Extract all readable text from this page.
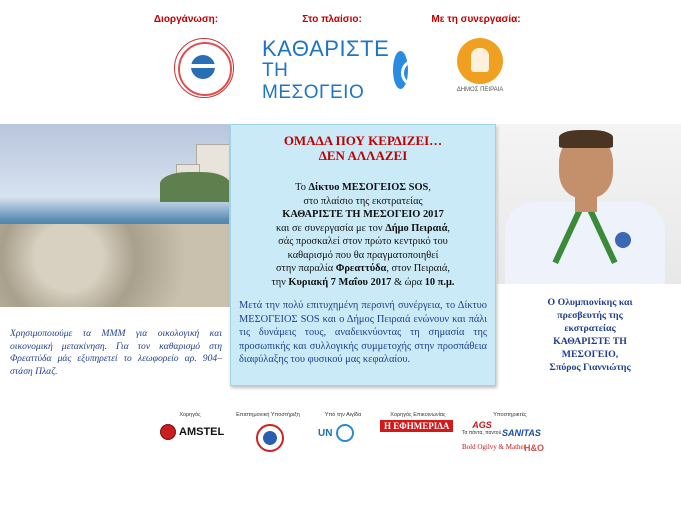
Διοργάνωση:	Στο πλαίσιο:	Με τη συνεργασία:
ΚΑΘΑΡΙΣΤΕ
ΤΗ ΜΕΣΟΓΕΙΟ	ΔΗΜΟΣ ΠΕΙΡΑΙΑ
ΟΜΑΔΑ ΠΟΥ ΚΕΡΔΙΖΕΙ…
ΔΕΝ ΑΛΛΑΖΕΙ
Το Δίκτυο ΜΕΣΟΓΕΙΟΣ SOS,
στο πλαίσιο της εκστρατείας
ΚΑΘΑΡΙΣΤΕ ΤΗ ΜΕΣΟΓΕΙΟ 2017
και σε συνεργασία με τον Δήμο Πειραιά,
σάς προσκαλεί στον πρώτο κεντρικό του
καθαρισμό που θα πραγματοποιηθεί
στην παραλία Φρεαττύδα, στον Πειραιά,
την Κυριακή 7 Μαΐου 2017 & ώρα 10 π.μ.
Μετά την πολύ επιτυχημένη περσινή συνέργεια, το Δίκτυο ΜΕΣΟΓΕΙΟΣ SOS και ο Δήμος Πειραιά ενώνουν και πάλι τις δυνάμεις τους, αναδεικνύοντας τη σημασία της προσωπικής και συλλογικής συμμετοχής στην προσπάθεια διαφύλαξης του φυσικού μας κεφαλαίου.
Χρησιμοποιούμε τα ΜΜΜ για οικολογική και οικονομική μετακίνηση. Για τον καθαρισμό στη Φρεαττύδα μάς εξυπηρετεί το λεωφορείο αρ. 904– στάση Πλαζ.
Ο Ολυμπιονίκης και
πρεσβευτής της
εκστρατείας
ΚΑΘΑΡΙΣΤΕ ΤΗ
ΜΕΣΟΓΕΙΟ,
Σπύρος Γιαννιώτης
Χορηγός
AMSTEL
Επιστημονική Υποστήριξη	Υπό την Αιγίδα
UN
Χορηγός Επικοινωνίας
Η ΕΦΗΜΕΡΙΔΑ
Υποστηρικτές
AGS
Τα πάντα, παντού. SANITAS
Bold Ogilvy & Mather
H&O
